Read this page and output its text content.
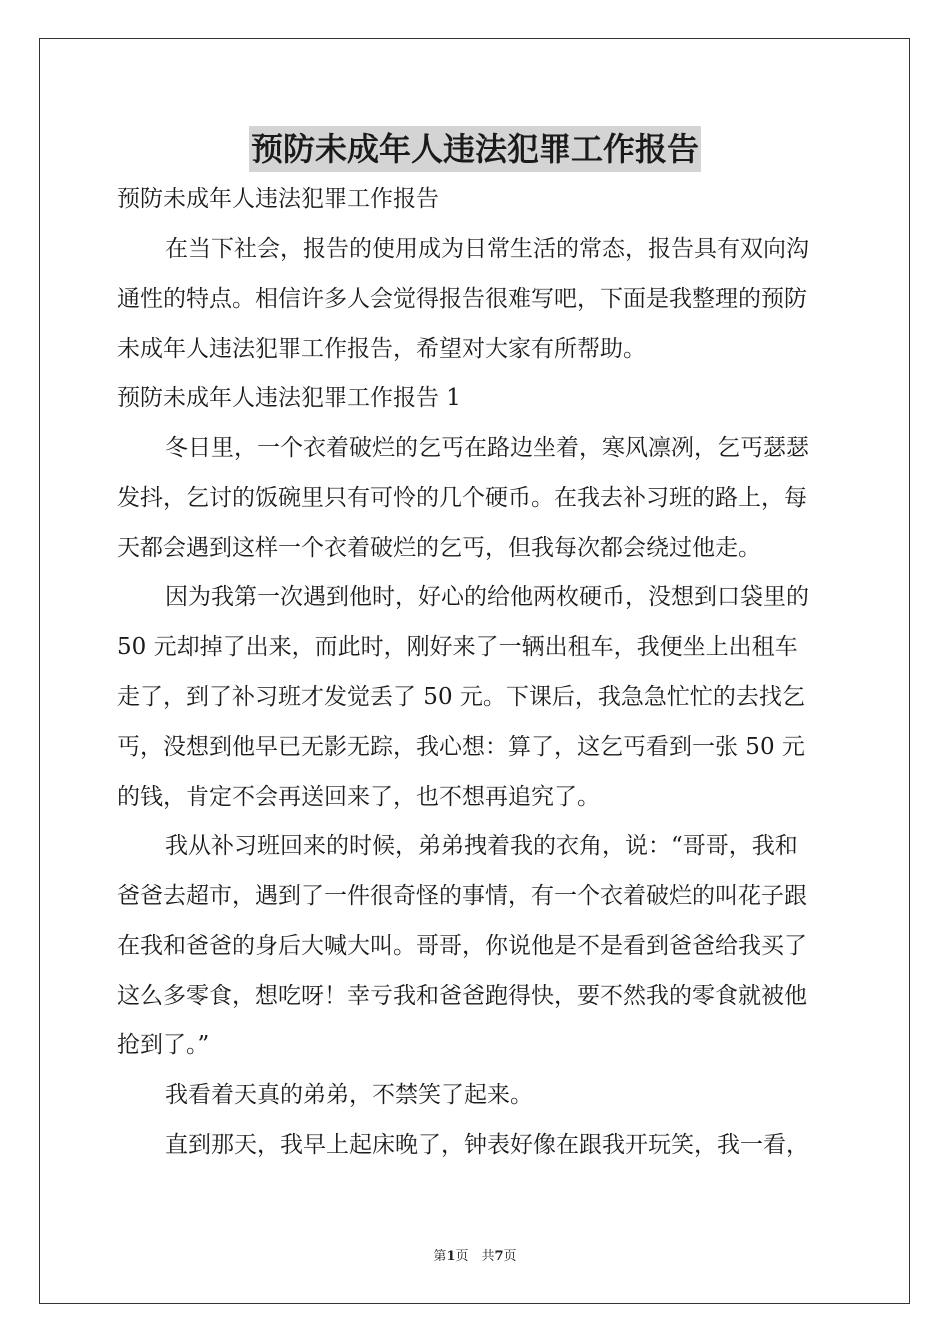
预防未成年人违法犯罪工作报告
预防未成年人违法犯罪工作报告
在当下社会，报告的使用成为日常生活的常态，报告具有双向沟
通性的特点。相信许多人会觉得报告很难写吧，下面是我整理的预防
未成年人违法犯罪工作报告，希望对大家有所帮助。
预防未成年人违法犯罪工作报告 1
冬日里，一个衣着破烂的乞丐在路边坐着，寒风凛冽，乞丐瑟瑟
发抖，乞讨的饭碗里只有可怜的几个硬币。在我去补习班的路上，每
天都会遇到这样一个衣着破烂的乞丐，但我每次都会绕过他走。
因为我第一次遇到他时，好心的给他两枚硬币，没想到口袋里的
50 元却掉了出来，而此时，刚好来了一辆出租车，我便坐上出租车
走了，到了补习班才发觉丢了 50 元。下课后，我急急忙忙的去找乞
丐，没想到他早已无影无踪，我心想：算了，这乞丐看到一张 50 元
的钱，肯定不会再送回来了，也不想再追究了。
我从补习班回来的时候，弟弟拽着我的衣角，说：“哥哥，我和
爸爸去超市，遇到了一件很奇怪的事情，有一个衣着破烂的叫花子跟
在我和爸爸的身后大喊大叫。哥哥，你说他是不是看到爸爸给我买了
这么多零食，想吃呀！幸亏我和爸爸跑得快，要不然我的零食就被他
抢到了。”
我看着天真的弟弟，不禁笑了起来。
直到那天，我早上起床晚了，钟表好像在跟我开玩笑，我一看，
第1页　共7页
